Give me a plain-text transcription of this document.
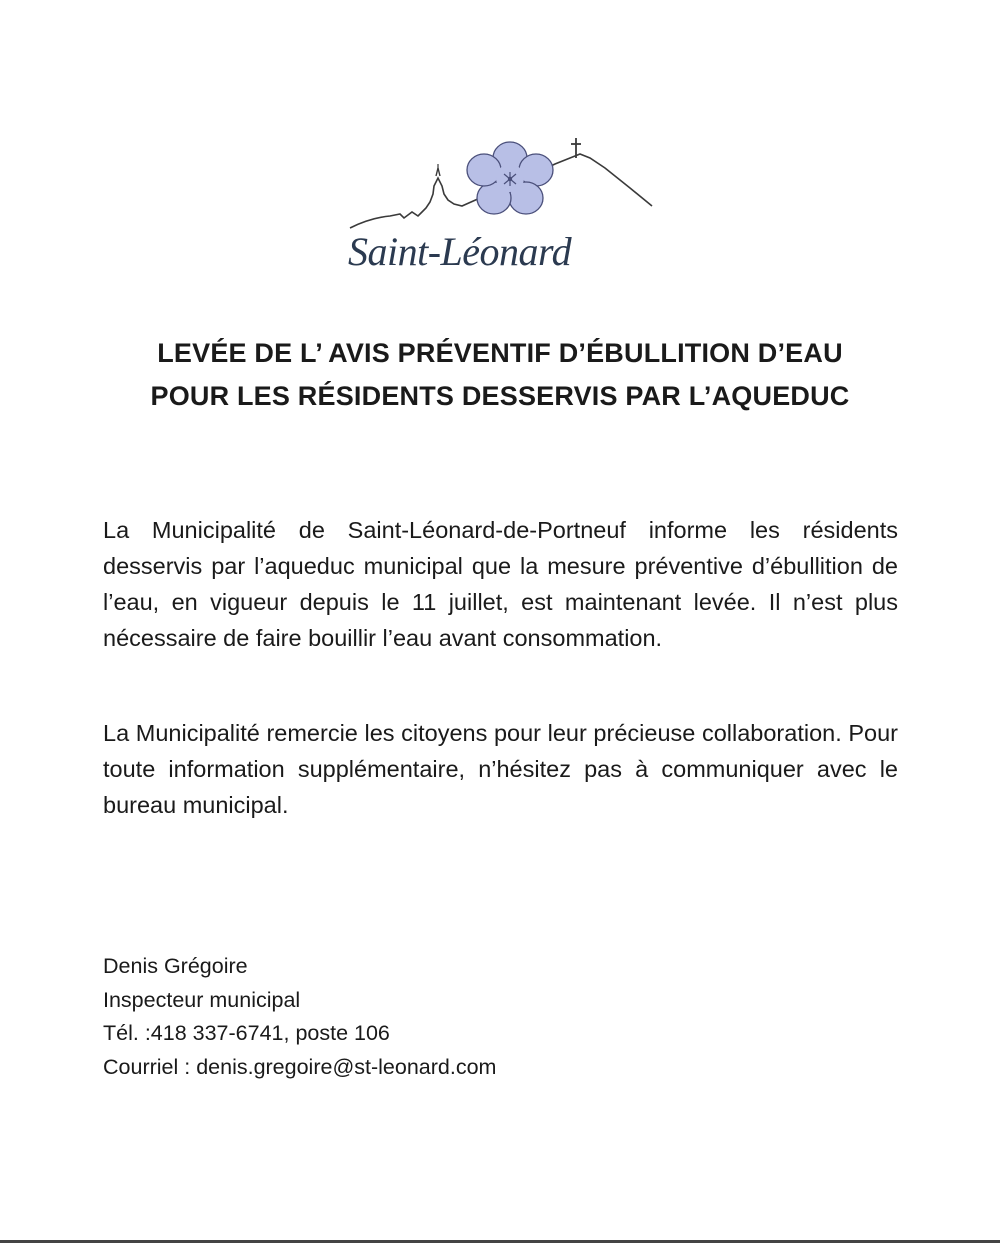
Saint-Léonard
LEVÉE DE L’ AVIS PRÉVENTIF D’ÉBULLITION D’EAU
POUR LES RÉSIDENTS DESSERVIS PAR L’AQUEDUC

La Municipalité de Saint-Léonard-de-Portneuf informe les résidents desservis par l’aqueduc municipal que la mesure préventive d’ébullition de l’eau, en vigueur depuis le 11 juillet, est maintenant levée. Il n’est plus nécessaire de faire bouillir l’eau avant consommation.

La Municipalité remercie les citoyens pour leur précieuse collaboration. Pour toute information supplémentaire, n’hésitez pas à communiquer avec le bureau municipal.

Denis Grégoire
Inspecteur municipal
Tél. :418 337-6741, poste 106
Courriel : denis.gregoire@st-leonard.com
